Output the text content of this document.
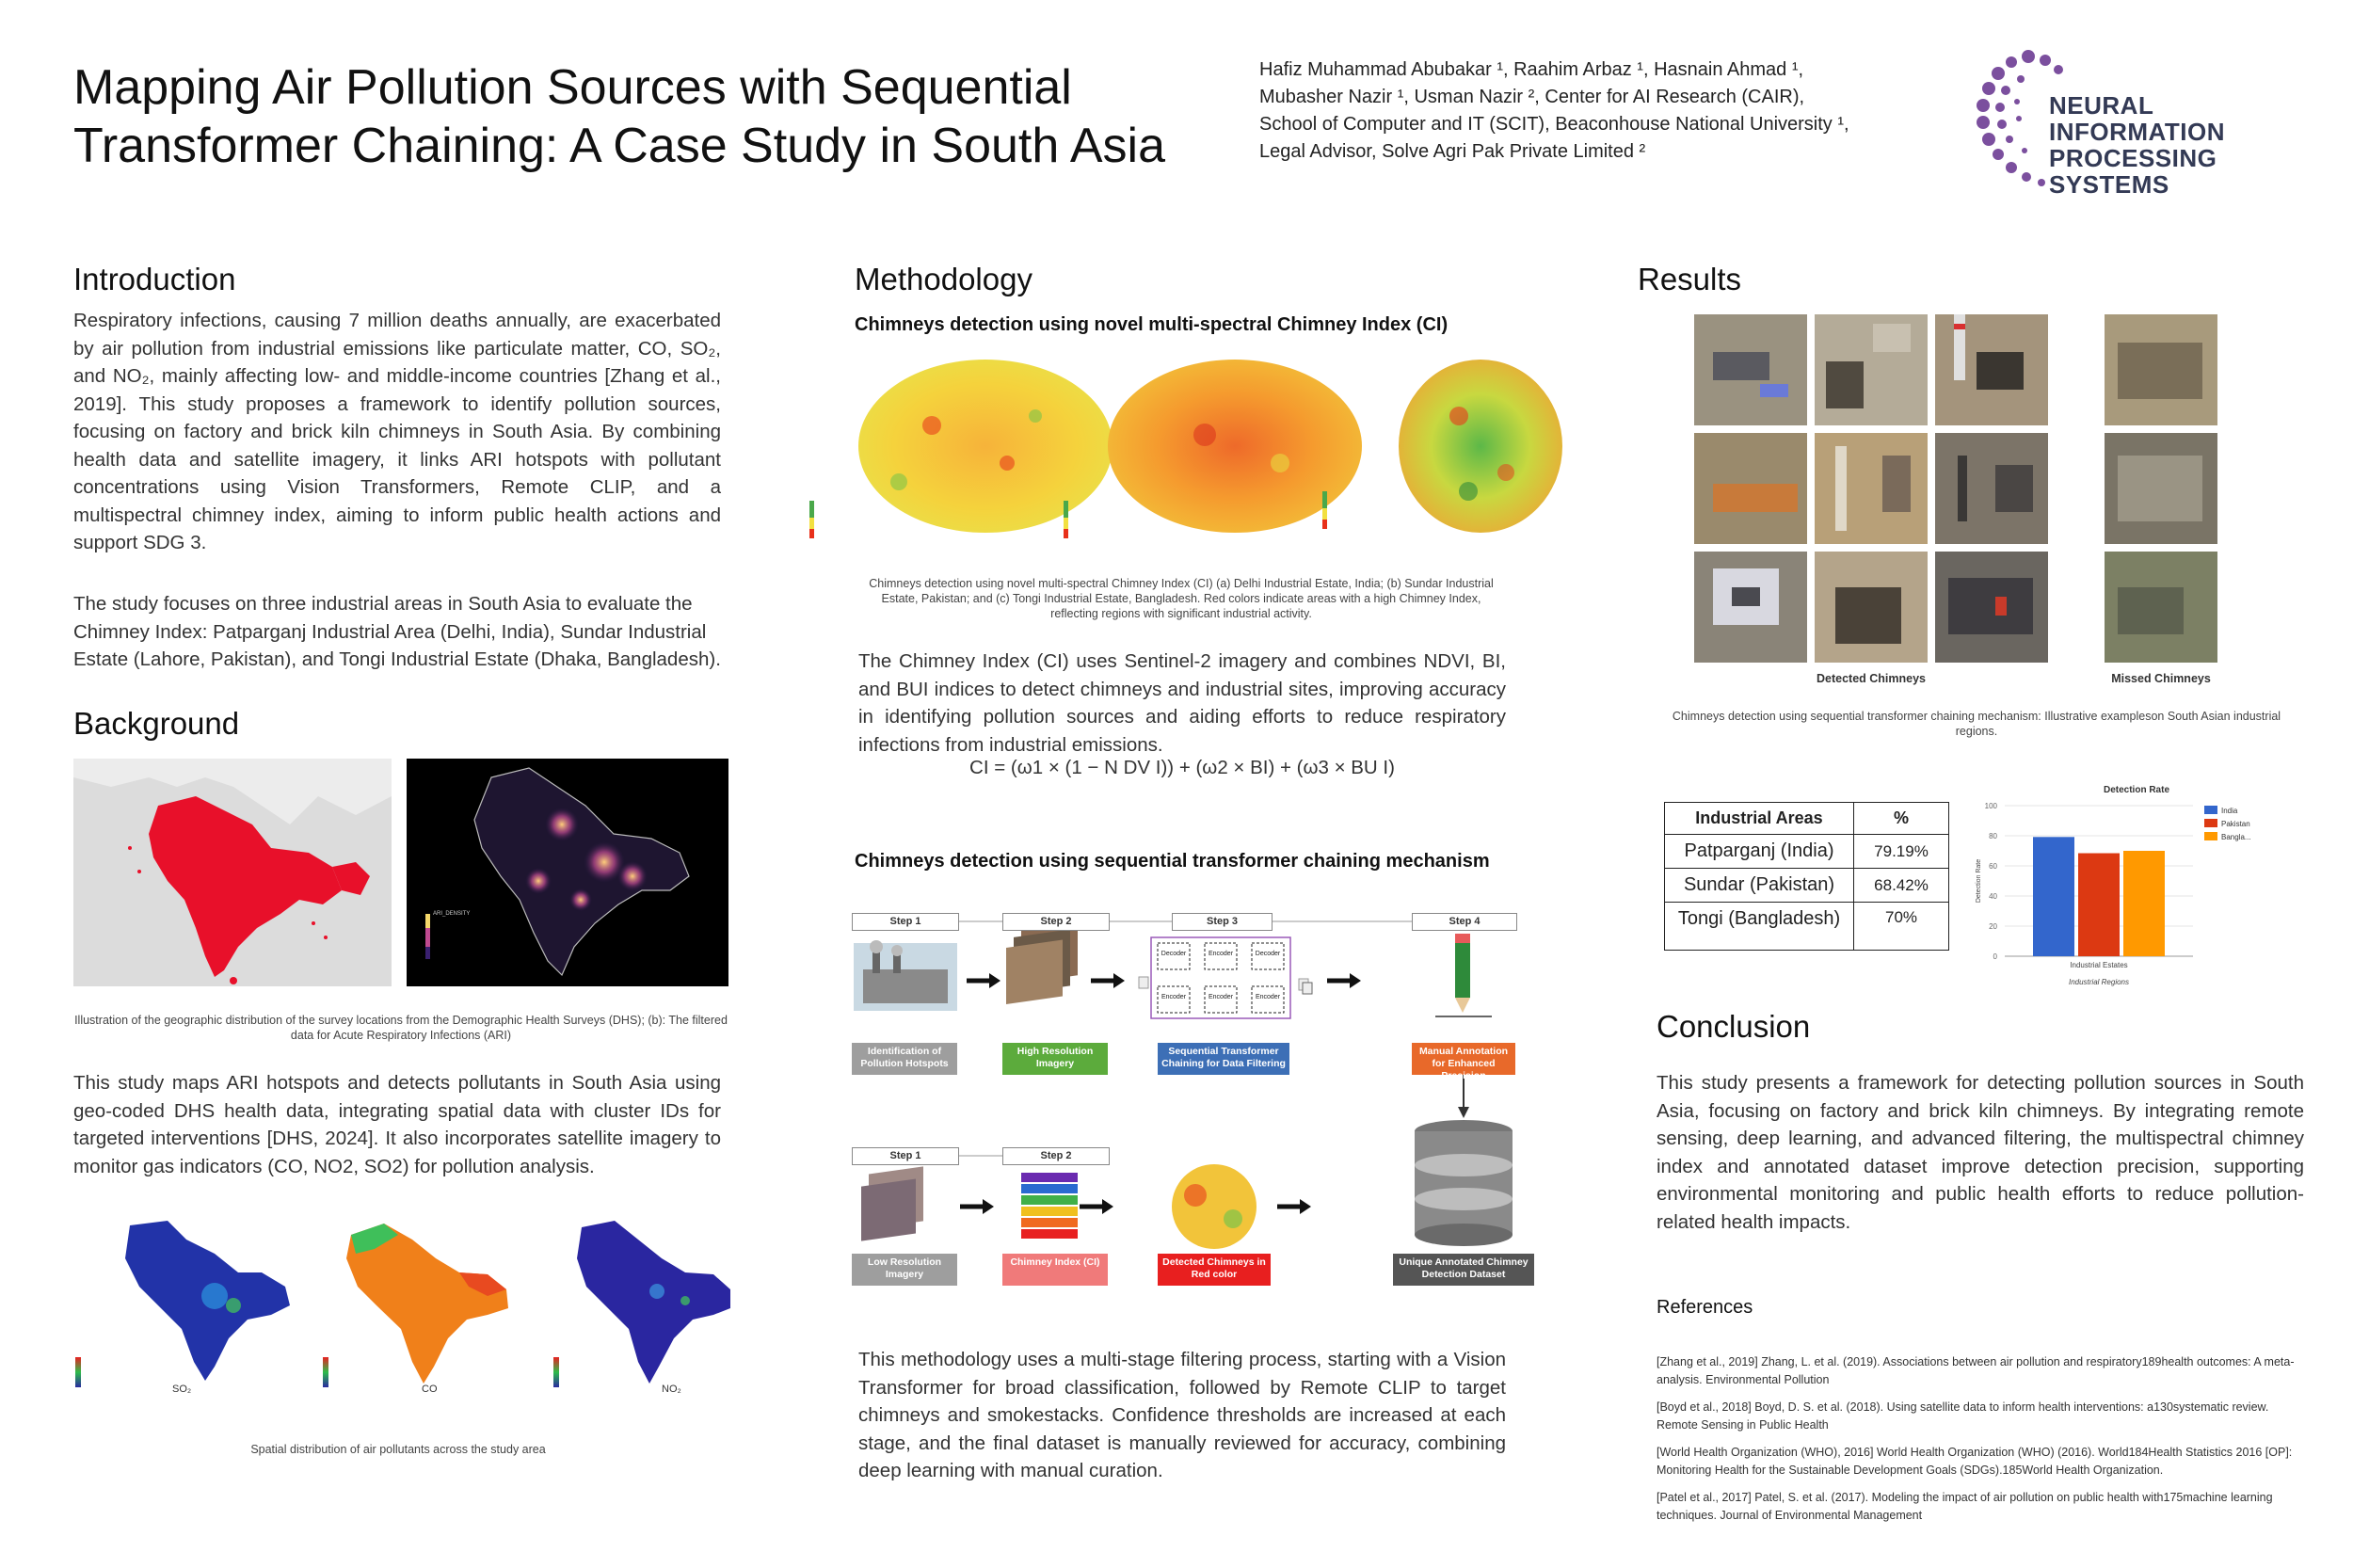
Mapping Air Pollution Sources with Sequential
Transformer Chaining: A Case Study in South Asia
Hafiz Muhammad Abubakar ¹, Raahim Arbaz ¹, Hasnain Ahmad ¹,
Mubasher Nazir ¹, Usman Nazir ², Center for AI Research (CAIR),
School of Computer and IT (SCIT), Beaconhouse National University ¹,
Legal Advisor, Solve Agri Pak Private Limited ²
NEURAL INFORMATION
PROCESSING SYSTEMS
Introduction

Respiratory infections, causing 7 million deaths annually, are exacerbated by air pollution from industrial emissions like particulate matter, CO, SO₂, and NO₂, mainly affecting low- and middle-income countries [Zhang et al., 2019]. This study proposes a framework to identify pollution sources, focusing on factory and brick kiln chimneys in South Asia. By combining health data and satellite imagery, it links ARI hotspots with pollutant concentrations using Vision Transformers, Remote CLIP, and a multispectral chimney index, aiming to inform public health actions and support SDG 3.

The study focuses on three industrial areas in South Asia to evaluate the Chimney Index: Patparganj Industrial Area (Delhi, India), Sundar Industrial Estate (Lahore, Pakistan), and Tongi Industrial Estate (Dhaka, Bangladesh).

Background
ARI_DENSITY

Illustration of the geographic distribution of the survey locations from the Demographic Health Surveys (DHS); (b): The filtered data for Acute Respiratory Infections (ARI)

This study maps ARI hotspots and detects pollutants in South Asia using geo-coded DHS health data, integrating spatial data with cluster IDs for targeted interventions [DHS, 2024]. It also incorporates satellite imagery to monitor gas indicators (CO, NO2, SO2) for pollution analysis.

SO₂	CO	NO₂

Spatial distribution of air pollutants across the study area

Methodology

Chimneys detection using novel multi-spectral Chimney Index (CI)

Chimneys detection using novel multi-spectral Chimney Index (CI) (a) Delhi Industrial Estate, India; (b) Sundar Industrial Estate, Pakistan; and (c) Tongi Industrial Estate, Bangladesh. Red colors indicate areas with a high Chimney Index, reflecting regions with significant industrial activity.

The Chimney Index (CI) uses Sentinel-2 imagery and combines NDVI, BI, and BUI indices to detect chimneys and industrial sites, improving accuracy in identifying pollution sources and aiding efforts to reduce respiratory infections from industrial emissions.

CI = (ω1 × (1 − N DV I)) + (ω2 × BI) + (ω3 × BU I)

Chimneys detection using sequential transformer chaining mechanism

Step 1	Step 2	Step 3	Step 4
Decoder	Encoder	Decoder
Encoder	Encoder	Encoder
Identification of Pollution Hotspots
High Resolution Imagery
Sequential Transformer Chaining for Data Filtering
Manual Annotation for Enhanced Precision
Step 1	Step 2
Low Resolution Imagery
Chimney Index (CI)	Detected Chimneys in Red color
Unique Annotated Chimney Detection Dataset

This methodology uses a multi-stage filtering process, starting with a Vision Transformer for broad classification, followed by Remote CLIP to target chimneys and smokestacks. Confidence thresholds are increased at each stage, and the final dataset is manually reviewed for accuracy, combining deep learning with manual curation.

Results
Detected Chimneys	Missed Chimneys

Chimneys detection using sequential transformer chaining mechanism: Illustrative exampleson South Asian industrial regions.

Industrial Areas	%
Patparganj (India)	79.19%
Sundar (Pakistan)	68.42%
Tongi (Bangladesh)	70%
Detection Rate
0
20
40
60
80
100
Industrial Estates
Industrial Regions
Detection Rate
India
Pakistan
Bangla...
Conclusion

This study presents a framework for detecting pollution sources in South Asia, focusing on factory and brick kiln chimneys. By integrating remote sensing, deep learning, and advanced filtering, the multispectral chimney index and annotated dataset improve detection precision, supporting environmental monitoring and public health efforts to reduce pollution-related health impacts.

References

[Zhang et al., 2019] Zhang, L. et al. (2019). Associations between air pollution and respiratory189health outcomes: A meta-analysis. Environmental Pollution

[Boyd et al., 2018] Boyd, D. S. et al. (2018). Using satellite data to inform health interventions: a130systematic review. Remote Sensing in Public Health

[World Health Organization (WHO), 2016] World Health Organization (WHO) (2016). World184Health Statistics 2016 [OP]: Monitoring Health for the Sustainable Development Goals (SDGs).185World Health Organization.

[Patel et al., 2017] Patel, S. et al. (2017). Modeling the impact of air pollution on public health with175machine learning techniques. Journal of Environmental Management
